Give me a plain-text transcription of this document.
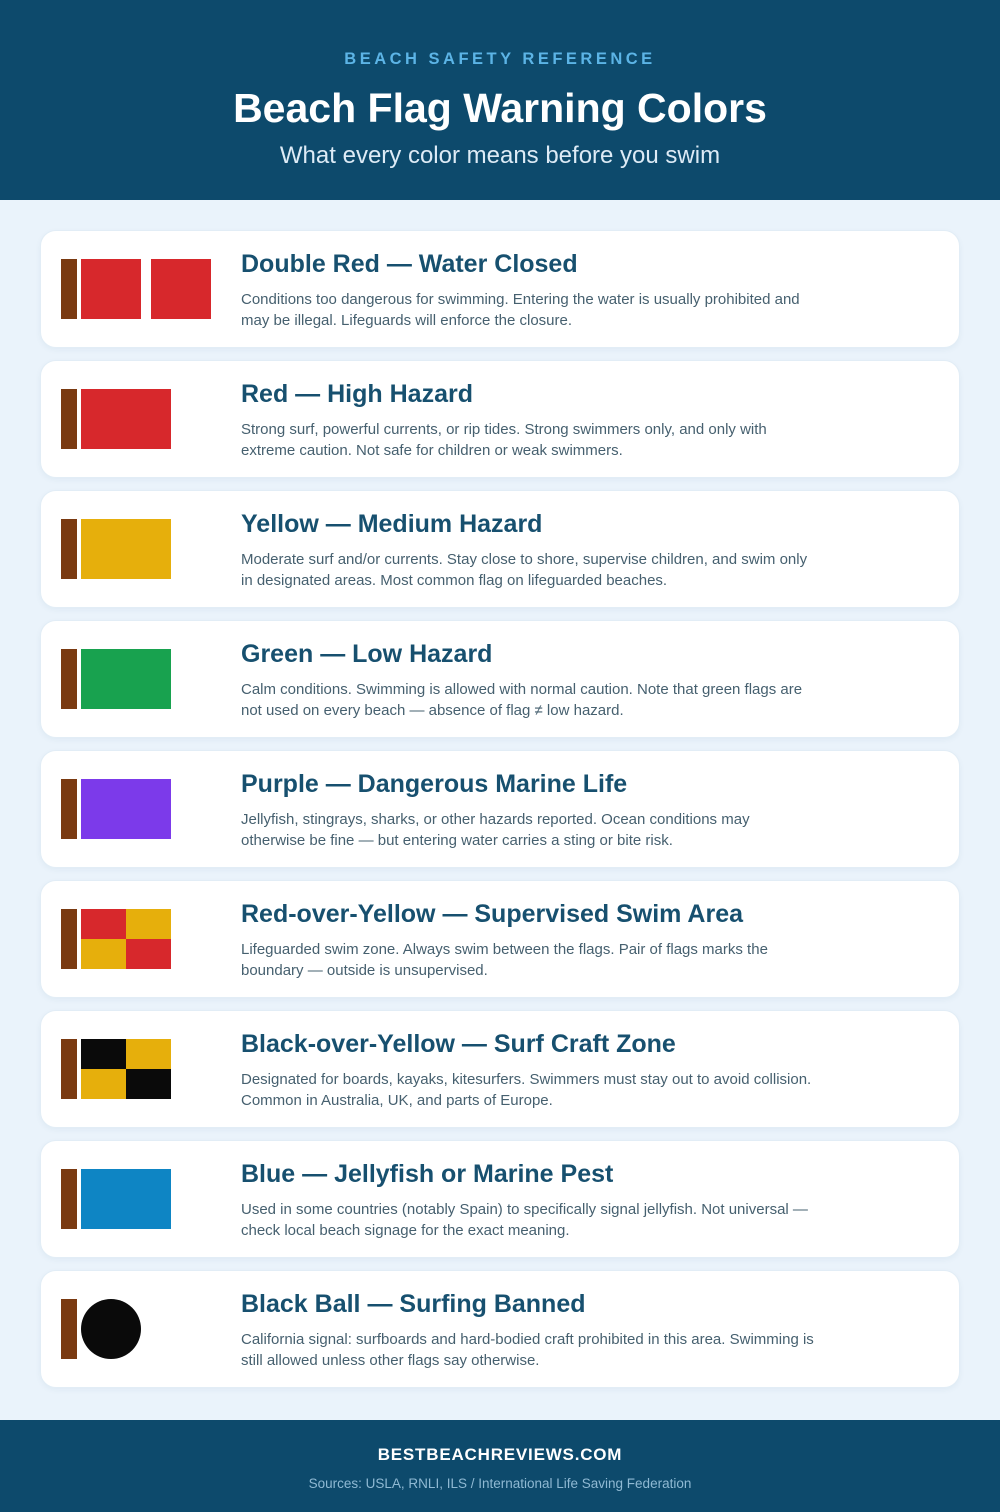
BEACH SAFETY REFERENCE
Beach Flag Warning Colors
What every color means before you swim
Double Red — Water Closed

Conditions too dangerous for swimming. Entering the water is usually prohibited and may be illegal. Lifeguards will enforce the closure.

Red — High Hazard

Strong surf, powerful currents, or rip tides. Strong swimmers only, and only with extreme caution. Not safe for children or weak swimmers.

Yellow — Medium Hazard

Moderate surf and/or currents. Stay close to shore, supervise children, and swim only in designated areas. Most common flag on lifeguarded beaches.

Green — Low Hazard

Calm conditions. Swimming is allowed with normal caution. Note that green flags are not used on every beach — absence of flag ≠ low hazard.

Purple — Dangerous Marine Life

Jellyfish, stingrays, sharks, or other hazards reported. Ocean conditions may otherwise be fine — but entering water carries a sting or bite risk.

Red-over-Yellow — Supervised Swim Area

Lifeguarded swim zone. Always swim between the flags. Pair of flags marks the boundary — outside is unsupervised.

Black-over-Yellow — Surf Craft Zone

Designated for boards, kayaks, kitesurfers. Swimmers must stay out to avoid collision. Common in Australia, UK, and parts of Europe.

Blue — Jellyfish or Marine Pest

Used in some countries (notably Spain) to specifically signal jellyfish. Not universal — check local beach signage for the exact meaning.

Black Ball — Surfing Banned

California signal: surfboards and hard-bodied craft prohibited in this area. Swimming is still allowed unless other flags say otherwise.

BESTBEACHREVIEWS.COM
Sources: USLA, RNLI, ILS / International Life Saving Federation
